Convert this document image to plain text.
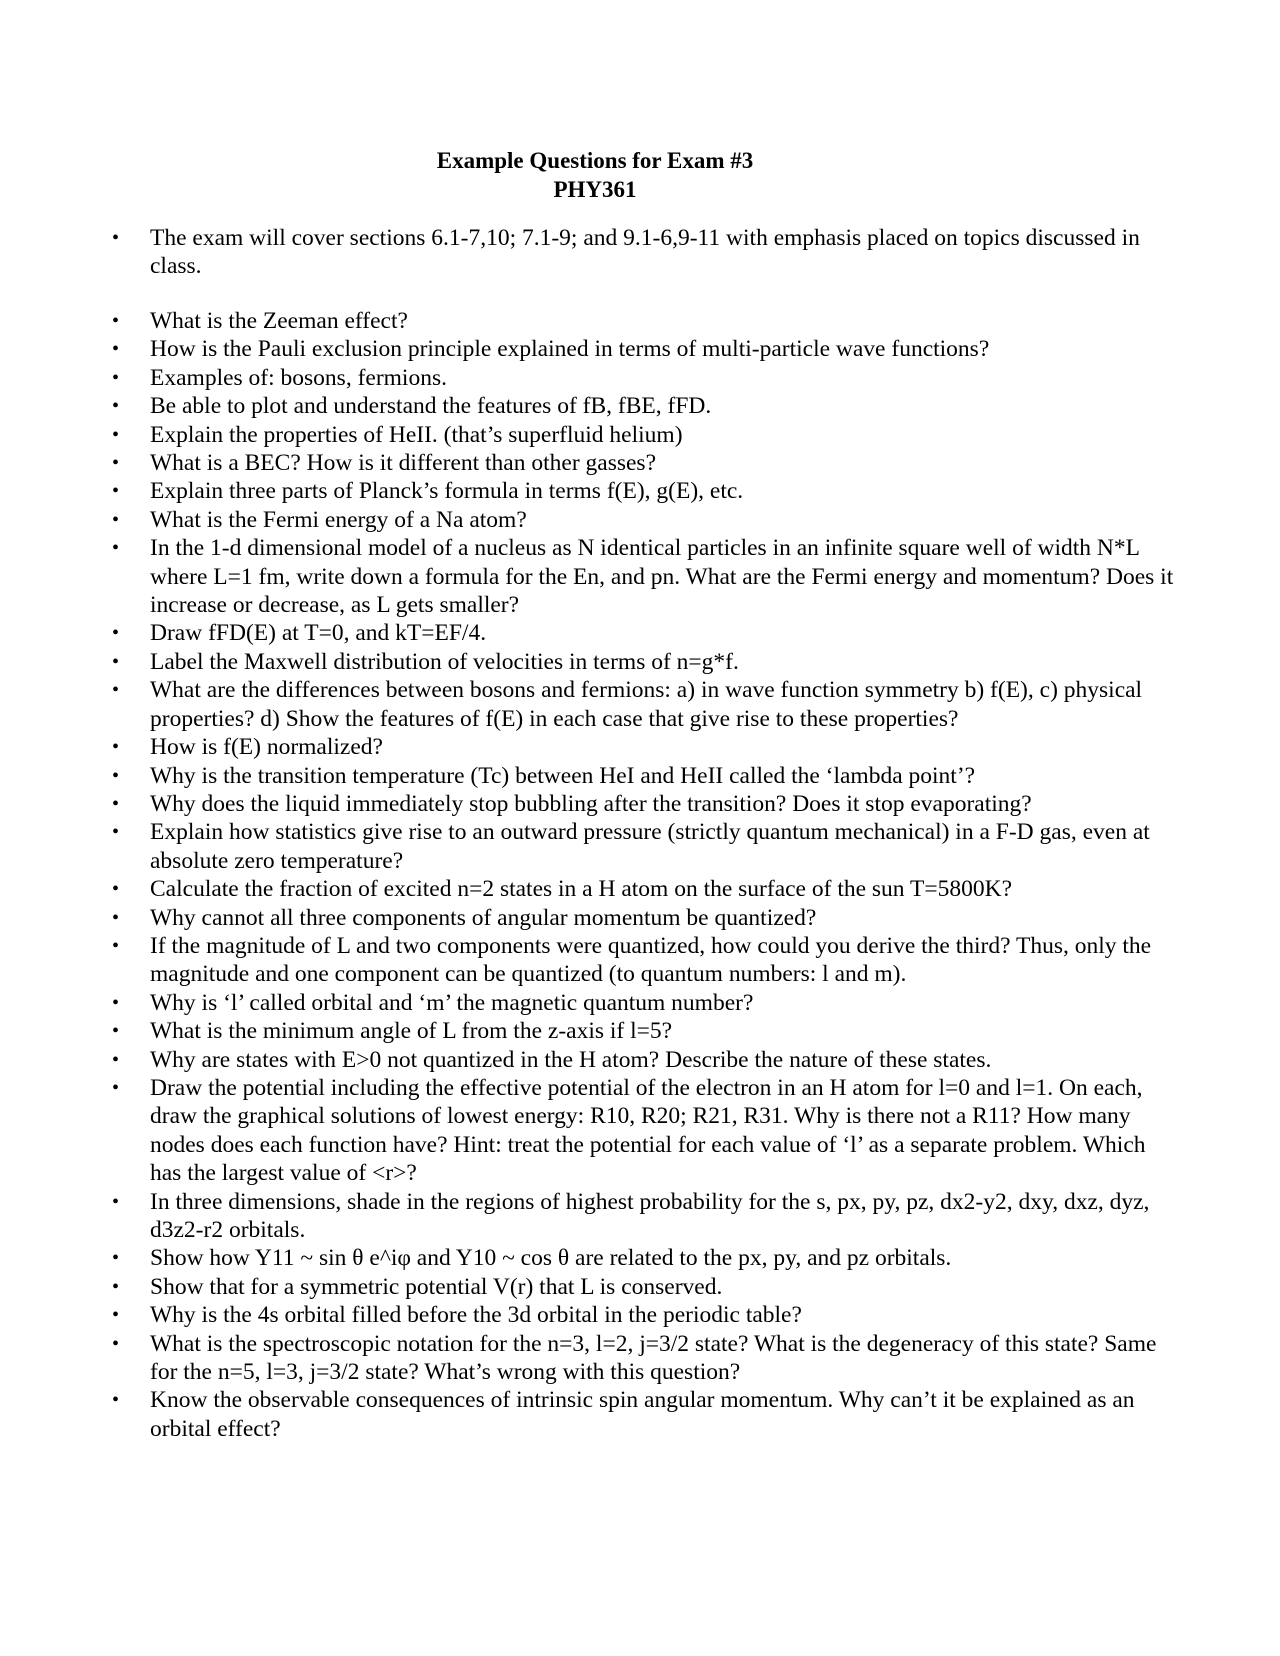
Example Questions for Exam #3
PHY361
• The exam will cover sections 6.1-7,10; 7.1-9; and 9.1-6,9-11 with emphasis placed on topics discussed in class.
• What is the Zeeman effect?
• How is the Pauli exclusion principle explained in terms of multi-particle wave functions?
• Examples of: bosons, fermions.
• Be able to plot and understand the features of fB, fBE, fFD.
• Explain the properties of HeII. (that’s superfluid helium)
• What is a BEC? How is it different than other gasses?
• Explain three parts of Planck’s formula in terms f(E), g(E), etc.
• What is the Fermi energy of a Na atom?
• In the 1-d dimensional model of a nucleus as N identical particles in an infinite square well of width N*L where L=1 fm, write down a formula for the En, and pn. What are the Fermi energy and momentum? Does it increase or decrease, as L gets smaller?
• Draw fFD(E) at T=0, and kT=EF/4.
• Label the Maxwell distribution of velocities in terms of n=g*f.
• What are the differences between bosons and fermions: a) in wave function symmetry b) f(E), c) physical properties? d) Show the features of f(E) in each case that give rise to these properties?
• How is f(E) normalized?
• Why is the transition temperature (Tc) between HeI and HeII called the ‘lambda point’?
• Why does the liquid immediately stop bubbling after the transition? Does it stop evaporating?
• Explain how statistics give rise to an outward pressure (strictly quantum mechanical) in a F-D gas, even at absolute zero temperature?
• Calculate the fraction of excited n=2 states in a H atom on the surface of the sun T=5800K?
• Why cannot all three components of angular momentum be quantized?
• If the magnitude of L and two components were quantized, how could you derive the third? Thus, only the magnitude and one component can be quantized (to quantum numbers: l and m).
• Why is ‘l’ called orbital and ‘m’ the magnetic quantum number?
• What is the minimum angle of L from the z-axis if l=5?
• Why are states with E>0 not quantized in the H atom? Describe the nature of these states.
• Draw the potential including the effective potential of the electron in an H atom for l=0 and l=1. On each, draw the graphical solutions of lowest energy: R10, R20; R21, R31. Why is there not a R11? How many nodes does each function have? Hint: treat the potential for each value of ‘l’ as a separate problem. Which has the largest value of <r>?
• In three dimensions, shade in the regions of highest probability for the s, px, py, pz, dx2-y2, dxy, dxz, dyz, d3z2-r2 orbitals.
• Show how Y11 ~ sin θ e^iφ and Y10 ~ cos θ are related to the px, py, and pz orbitals.
• Show that for a symmetric potential V(r) that L is conserved.
• Why is the 4s orbital filled before the 3d orbital in the periodic table?
• What is the spectroscopic notation for the n=3, l=2, j=3/2 state? What is the degeneracy of this state? Same for the n=5, l=3, j=3/2 state? What’s wrong with this question?
• Know the observable consequences of intrinsic spin angular momentum. Why can’t it be explained as an orbital effect?
